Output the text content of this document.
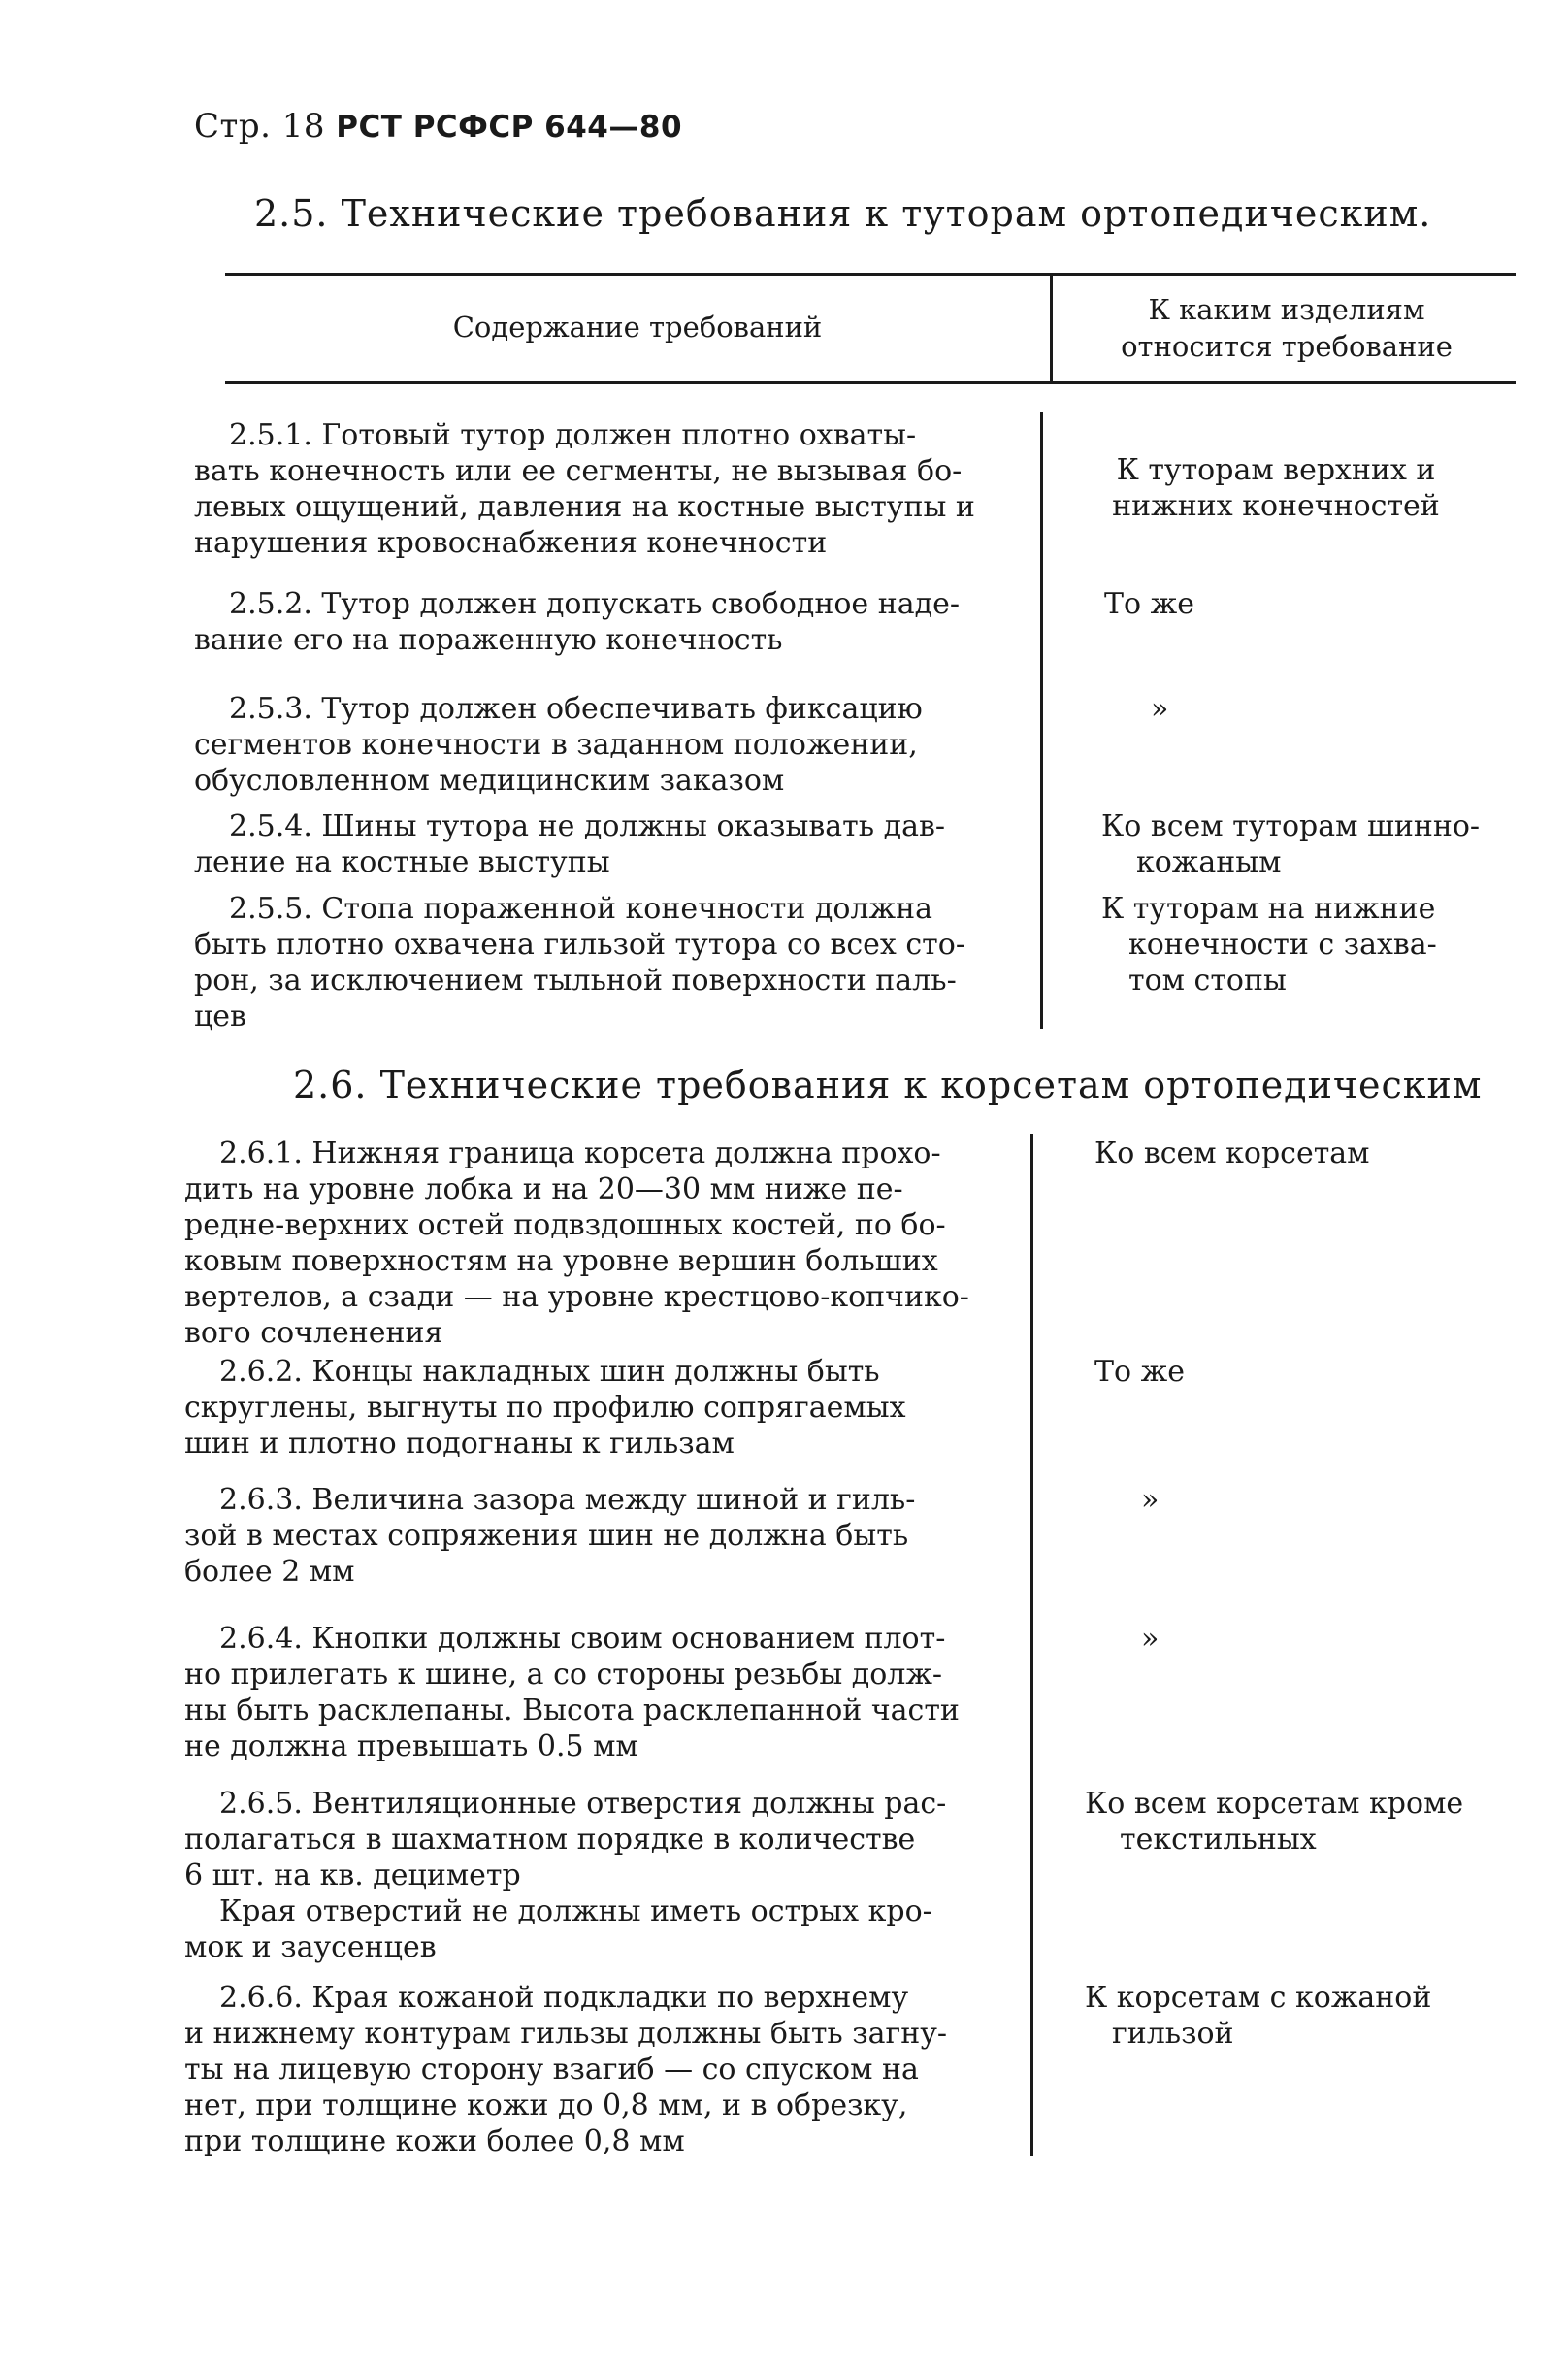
Стр. 18 РСТ РСФСР 644—80
2.5. Технические требования к туторам ортопедическим.
Содержание требований
К каким изделиям
относится требование
2.5.1. Готовый тутор должен плотно охваты-
вать конечность или ее сегменты, не вызывая бо-
левых ощущений, давления на костные выступы и
нарушения кровоснабжения конечности
К туторам верхних и
нижних конечностей
2.5.2. Тутор должен допускать свободное наде-
вание его на пораженную конечность
То же
2.5.3. Тутор должен обеспечивать фиксацию
сегментов конечности в заданном положении,
обусловленном медицинским заказом
»
2.5.4. Шины тутора не должны оказывать дав-
ление на костные выступы
Ко всем туторам шинно-
кожаным
2.5.5. Стопа пораженной конечности должна
быть плотно охвачена гильзой тутора со всех сто-
рон, за исключением тыльной поверхности паль-
цев
К туторам на нижние
конечности с захва-
том стопы
2.6. Технические требования к корсетам ортопедическим
2.6.1. Нижняя граница корсета должна прохо-
дить на уровне лобка и на 20—30 мм ниже пе-
редне-верхних остей подвздошных костей, по бо-
ковым поверхностям на уровне вершин больших
вертелов, а сзади — на уровне крестцово-копчико-
вого сочленения
Ко всем корсетам
2.6.2. Концы накладных шин должны быть
скруглены, выгнуты по профилю сопрягаемых
шин и плотно подогнаны к гильзам
То же
2.6.3. Величина зазора между шиной и гиль-
зой в местах сопряжения шин не должна быть
более 2 мм
»
2.6.4. Кнопки должны своим основанием плот-
но прилегать к шине, а со стороны резьбы долж-
ны быть расклепаны. Высота расклепанной части
не должна превышать 0.5 мм
»
2.6.5. Вентиляционные отверстия должны рас-
полагаться в шахматном порядке в количестве
6 шт. на кв. дециметр
Края отверстий не должны иметь острых кро-
мок и заусенцев
Ко всем корсетам кроме
текстильных
2.6.6. Края кожаной подкладки по верхнему
и нижнему контурам гильзы должны быть загну-
ты на лицевую сторону взагиб — со спуском на
нет, при толщине кожи до 0,8 мм, и в обрезку,
при толщине кожи более 0,8 мм
К корсетам с кожаной
гильзой
